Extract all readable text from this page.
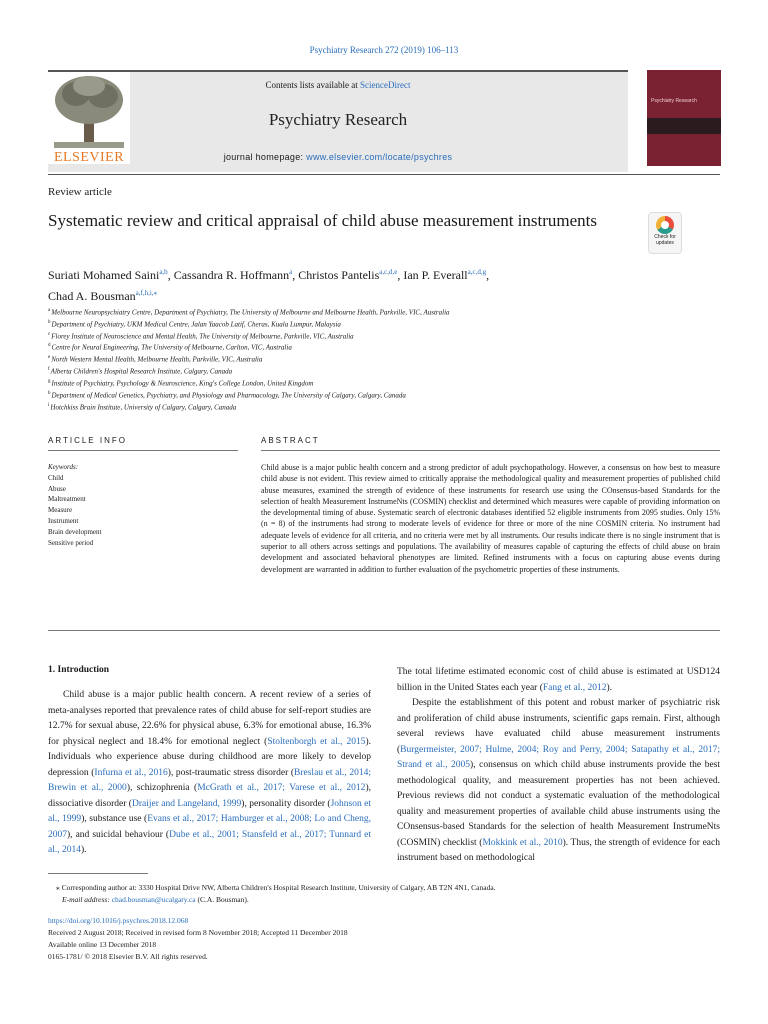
Psychiatry Research 272 (2019) 106–113
Contents lists available at ScienceDirect
Psychiatry Research
journal homepage: www.elsevier.com/locate/psychres
ELSEVIER
Psychiatry Research
Review article
Systematic review and critical appraisal of child abuse measurement instruments
Check for
updates
Suriati Mohamed Saini$^{a,b}$, Cassandra R. Hoffmann$^a$, Christos Pantelis$^{a,c,d,e}$, Ian P. Everall$^{a,c,d,g}$,
Chad A. Bousman$^{a,f,h,i,⁎}$
$^a$Melbourne Neuropsychiatry Centre, Department of Psychiatry, The University of Melbourne and Melbourne Health, Parkville, VIC, Australia
$^b$Department of Psychiatry, UKM Medical Centre, Jalan Yaacob Latif, Cheras, Kuala Lumpur, Malaysia
$^c$Florey Institute of Neuroscience and Mental Health, The University of Melbourne, Parkville, VIC, Australia
$^d$Centre for Neural Engineering, The University of Melbourne, Carlton, VIC, Australia
$^e$North Western Mental Health, Melbourne Health, Parkville, VIC, Australia
$^f$Alberta Children's Hospital Research Institute, Calgary, Canada
$^g$Institute of Psychiatry, Psychology & Neuroscience, King's College London, United Kingdom
$^h$Department of Medical Genetics, Psychiatry, and Physiology and Pharmacology, The University of Calgary, Calgary, Canada
$^i$Hotchkiss Brain Institute, University of Calgary, Calgary, Canada
ARTICLE INFO	ABSTRACT
Keywords:
Child
Abuse
Maltreatment
Measure
Instrument
Brain development
Sensitive period
Child abuse is a major public health concern and a strong predictor of adult psychopathology. However, a consensus on how best to measure child abuse is not evident. This review aimed to critically appraise the methodological quality and measurement properties of published child abuse measures, examined the strength of evidence of these instruments for research use using the COnsensus-based Standards for the selection of health Measurement InstrumeNts (COSMIN) checklist and determined which measures were capable of providing information on the developmental timing of abuse. Systematic search of electronic databases identified 52 eligible instruments from 2095 studies. Only 15% (n = 8) of the instruments had strong to moderate levels of evidence for three or more of the nine COSMIN criteria. No instrument had adequate levels of evidence for all criteria, and no criteria were met by all instruments. Our results indicate there is no single instrument that is superior to all others across settings and populations. The availability of measures capable of capturing the effects of child abuse on brain development and associated behavioral phenotypes are limited. Refined instruments with a focus on capturing abuse events during development are warranted in addition to further evaluation of the psychometric properties of these instruments.
1. Introduction
Child abuse is a major public health concern. A recent review of a series of meta-analyses reported that prevalence rates of child abuse for self-report studies are 12.7% for sexual abuse, 22.6% for physical abuse, 6.3% for emotional abuse, 16.3% for physical neglect and 18.4% for emotional neglect (Stoltenborgh et al., 2015). Individuals who experience abuse during childhood are more likely to develop depression (Infurna et al., 2016), post-traumatic stress disorder (Breslau et al., 2014; Brewin et al., 2000), schizophrenia (McGrath et al., 2017; Varese et al., 2012), dissociative disorder (Draijer and Langeland, 1999), personality disorder (Johnson et al., 1999), substance use (Evans et al., 2017; Hamburger et al., 2008; Lo and Cheng, 2007), and suicidal behaviour (Dube et al., 2001; Stansfeld et al., 2017; Tunnard et al., 2014).
The total lifetime estimated economic cost of child abuse is estimated at USD124 billion in the United States each year (Fang et al., 2012).
Despite the establishment of this potent and robust marker of psychiatric risk and proliferation of child abuse instruments, scientific gaps remain. First, although several reviews have evaluated child abuse measurement instruments (Burgermeister, 2007; Hulme, 2004; Roy and Perry, 2004; Satapathy et al., 2017; Strand et al., 2005), consensus on which child abuse instruments provide the best methodological quality, and measurement properties has not been achieved. Previous reviews did not conduct a systematic evaluation of the methodological quality and measurement properties of available child abuse instruments using the COnsensus-based Standards for the selection of health Measurement InstrumeNts (COSMIN) checklist (Mokkink et al., 2010). Thus, the strength of evidence for each instrument based on methodological
⁎ Corresponding author at: 3330 Hospital Drive NW, Alberta Children's Hospital Research Institute, University of Calgary, AB T2N 4N1, Canada.
E-mail address: chad.bousman@ucalgary.ca (C.A. Bousman).
https://doi.org/10.1016/j.psychres.2018.12.068
Received 2 August 2018; Received in revised form 8 November 2018; Accepted 11 December 2018
Available online 13 December 2018
0165-1781/ © 2018 Elsevier B.V. All rights reserved.
